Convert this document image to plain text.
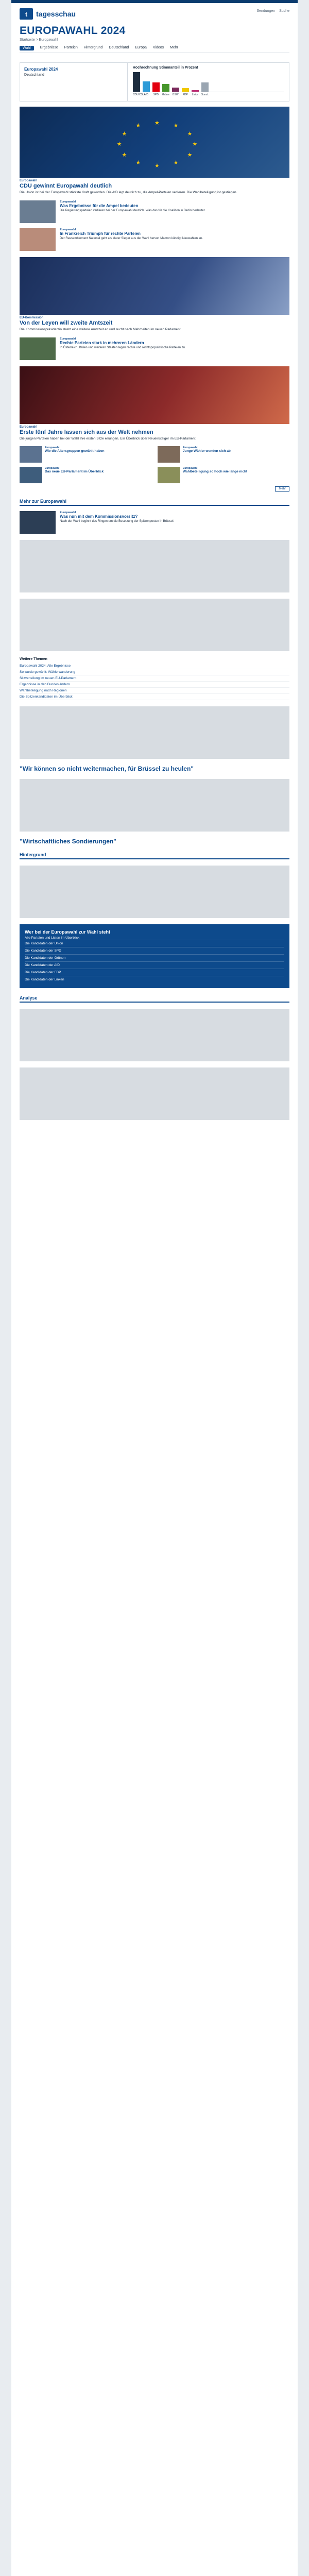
t	tagesschau	Sendungen Suche
EUROPAWAHL 2024
Startseite > Europawahl
Wahl	Ergebnisse Parteien Hintergrund Deutschland Europa Videos Mehr
Europawahl 2024

Deutschland

Hochrechnung Stimmanteil in Prozent
CDU/CSU AfD	SPD	Grüne BSW	FDP	Linke Sonst.
★
★
★
★
★
★
★
★
★ ★ ★
★
Europawahl
CDU gewinnt Europawahl deutlich
Die Union ist bei der Europawahl stärkste Kraft geworden. Die AfD legt deutlich zu, die Ampel-Parteien verlieren. Die Wahlbeteiligung ist gestiegen.
Europawahl
Was Ergebnisse für die Ampel bedeuten
Die Regierungsparteien verlieren bei der Europawahl deutlich. Was das für die Koalition in Berlin bedeutet.
Europawahl
In Frankreich Triumph für rechte Parteien
Der Rassemblement National geht als klarer Sieger aus der Wahl hervor. Macron kündigt Neuwahlen an.
EU-Kommission
Von der Leyen will zweite Amtszeit
Die Kommissionspräsidentin strebt eine weitere Amtszeit an und sucht nach Mehrheiten im neuen Parlament.
Europawahl
Rechte Parteien stark in mehreren Ländern
In Österreich, Italien und weiteren Staaten legen rechte und rechtspopulistische Parteien zu.
Europawahl
Erste fünf Jahre lassen sich aus der Welt nehmen
Die jungen Parteien haben bei der Wahl ihre ersten Sitze errungen. Ein Überblick über Neueinsteiger im EU-Parlament.
Europawahl
Wie die Altersgruppen gewählt haben
Europawahl
Junge Wähler wenden sich ab
Europawahl
Das neue EU-Parlament im Überblick
Europawahl
Wahlbeteiligung so hoch wie lange nicht
Mehr
Mehr zur Europawahl
Europawahl
Was nun mit dem Kommissionsvorsitz?
Nach der Wahl beginnt das Ringen um die Besetzung der Spitzenposten in Brüssel.
Weitere Themen
Europawahl 2024: Alle Ergebnisse
So wurde gewählt: Wählerwanderung
Sitzverteilung im neuen EU-Parlament
Ergebnisse in den Bundesländern
Wahlbeteiligung nach Regionen
Die Spitzenkandidaten im Überblick
"Wir können so nicht weitermachen, für Brüssel zu heulen"
"Wirtschaftliches Sondierungen"
Hintergrund
Wer bei der Europawahl zur Wahl steht

Alle Parteien und Listen im Überblick

Die Kandidaten der Union
Die Kandidaten der SPD
Die Kandidaten der Grünen
Die Kandidaten der AfD
Die Kandidaten der FDP
Die Kandidaten der Linken
Analyse
